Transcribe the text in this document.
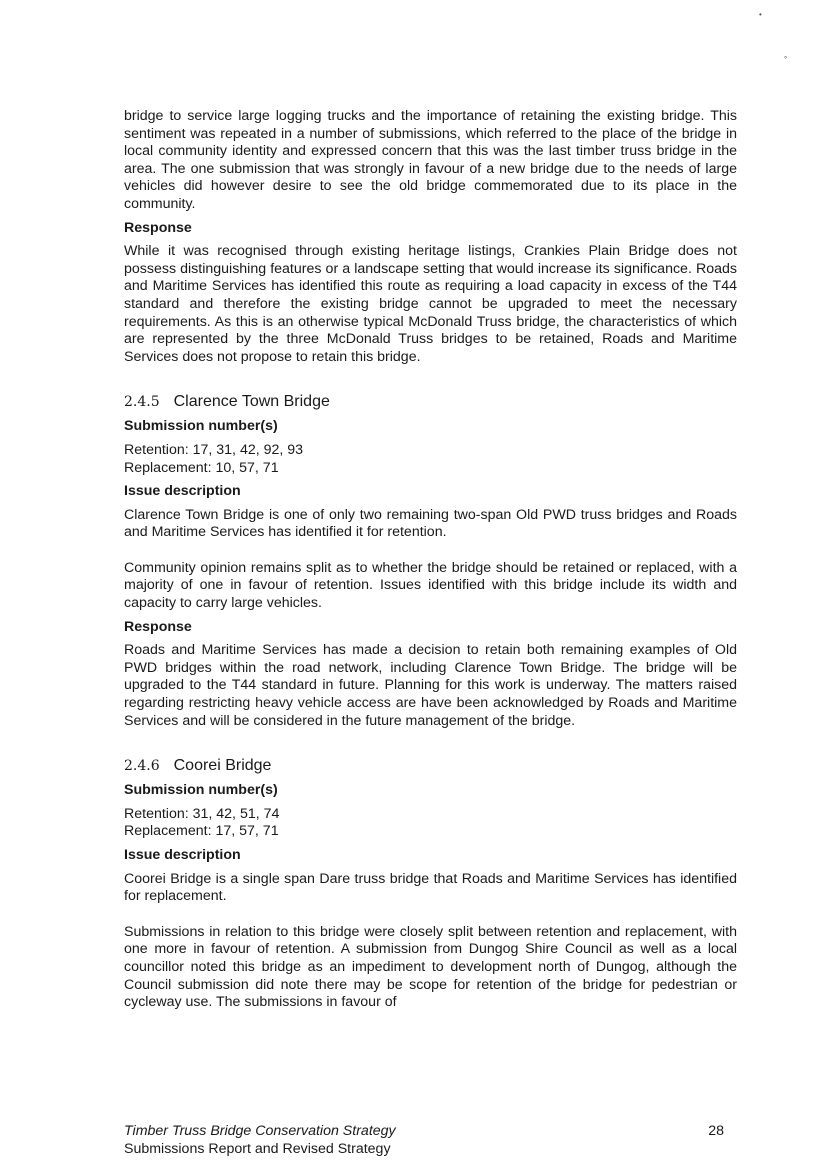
•
°

bridge to service large logging trucks and the importance of retaining the existing bridge. This sentiment was repeated in a number of submissions, which referred to the place of the bridge in local community identity and expressed concern that this was the last timber truss bridge in the area. The one submission that was strongly in favour of a new bridge due to the needs of large vehicles did however desire to see the old bridge commemorated due to its place in the community.

Response

While it was recognised through existing heritage listings, Crankies Plain Bridge does not possess distinguishing features or a landscape setting that would increase its significance. Roads and Maritime Services has identified this route as requiring a load capacity in excess of the T44 standard and therefore the existing bridge cannot be upgraded to meet the necessary requirements. As this is an otherwise typical McDonald Truss bridge, the characteristics of which are represented by the three McDonald Truss bridges to be retained, Roads and Maritime Services does not propose to retain this bridge.

2.4.5 Clarence Town Bridge
Submission number(s)

Retention: 17, 31, 42, 92, 93

Replacement: 10, 57, 71

Issue description

Clarence Town Bridge is one of only two remaining two-span Old PWD truss bridges and Roads and Maritime Services has identified it for retention.

Community opinion remains split as to whether the bridge should be retained or replaced, with a majority of one in favour of retention. Issues identified with this bridge include its width and capacity to carry large vehicles.

Response

Roads and Maritime Services has made a decision to retain both remaining examples of Old PWD bridges within the road network, including Clarence Town Bridge. The bridge will be upgraded to the T44 standard in future. Planning for this work is underway. The matters raised regarding restricting heavy vehicle access are have been acknowledged by Roads and Maritime Services and will be considered in the future management of the bridge.

2.4.6 Coorei Bridge
Submission number(s)

Retention: 31, 42, 51, 74

Replacement: 17, 57, 71

Issue description

Coorei Bridge is a single span Dare truss bridge that Roads and Maritime Services has identified for replacement.

Submissions in relation to this bridge were closely split between retention and replacement, with one more in favour of retention. A submission from Dungog Shire Council as well as a local councillor noted this bridge as an impediment to development north of Dungog, although the Council submission did note there may be scope for retention of the bridge for pedestrian or cycleway use. The submissions in favour of

Timber Truss Bridge Conservation Strategy
Submissions Report and Revised Strategy
28
